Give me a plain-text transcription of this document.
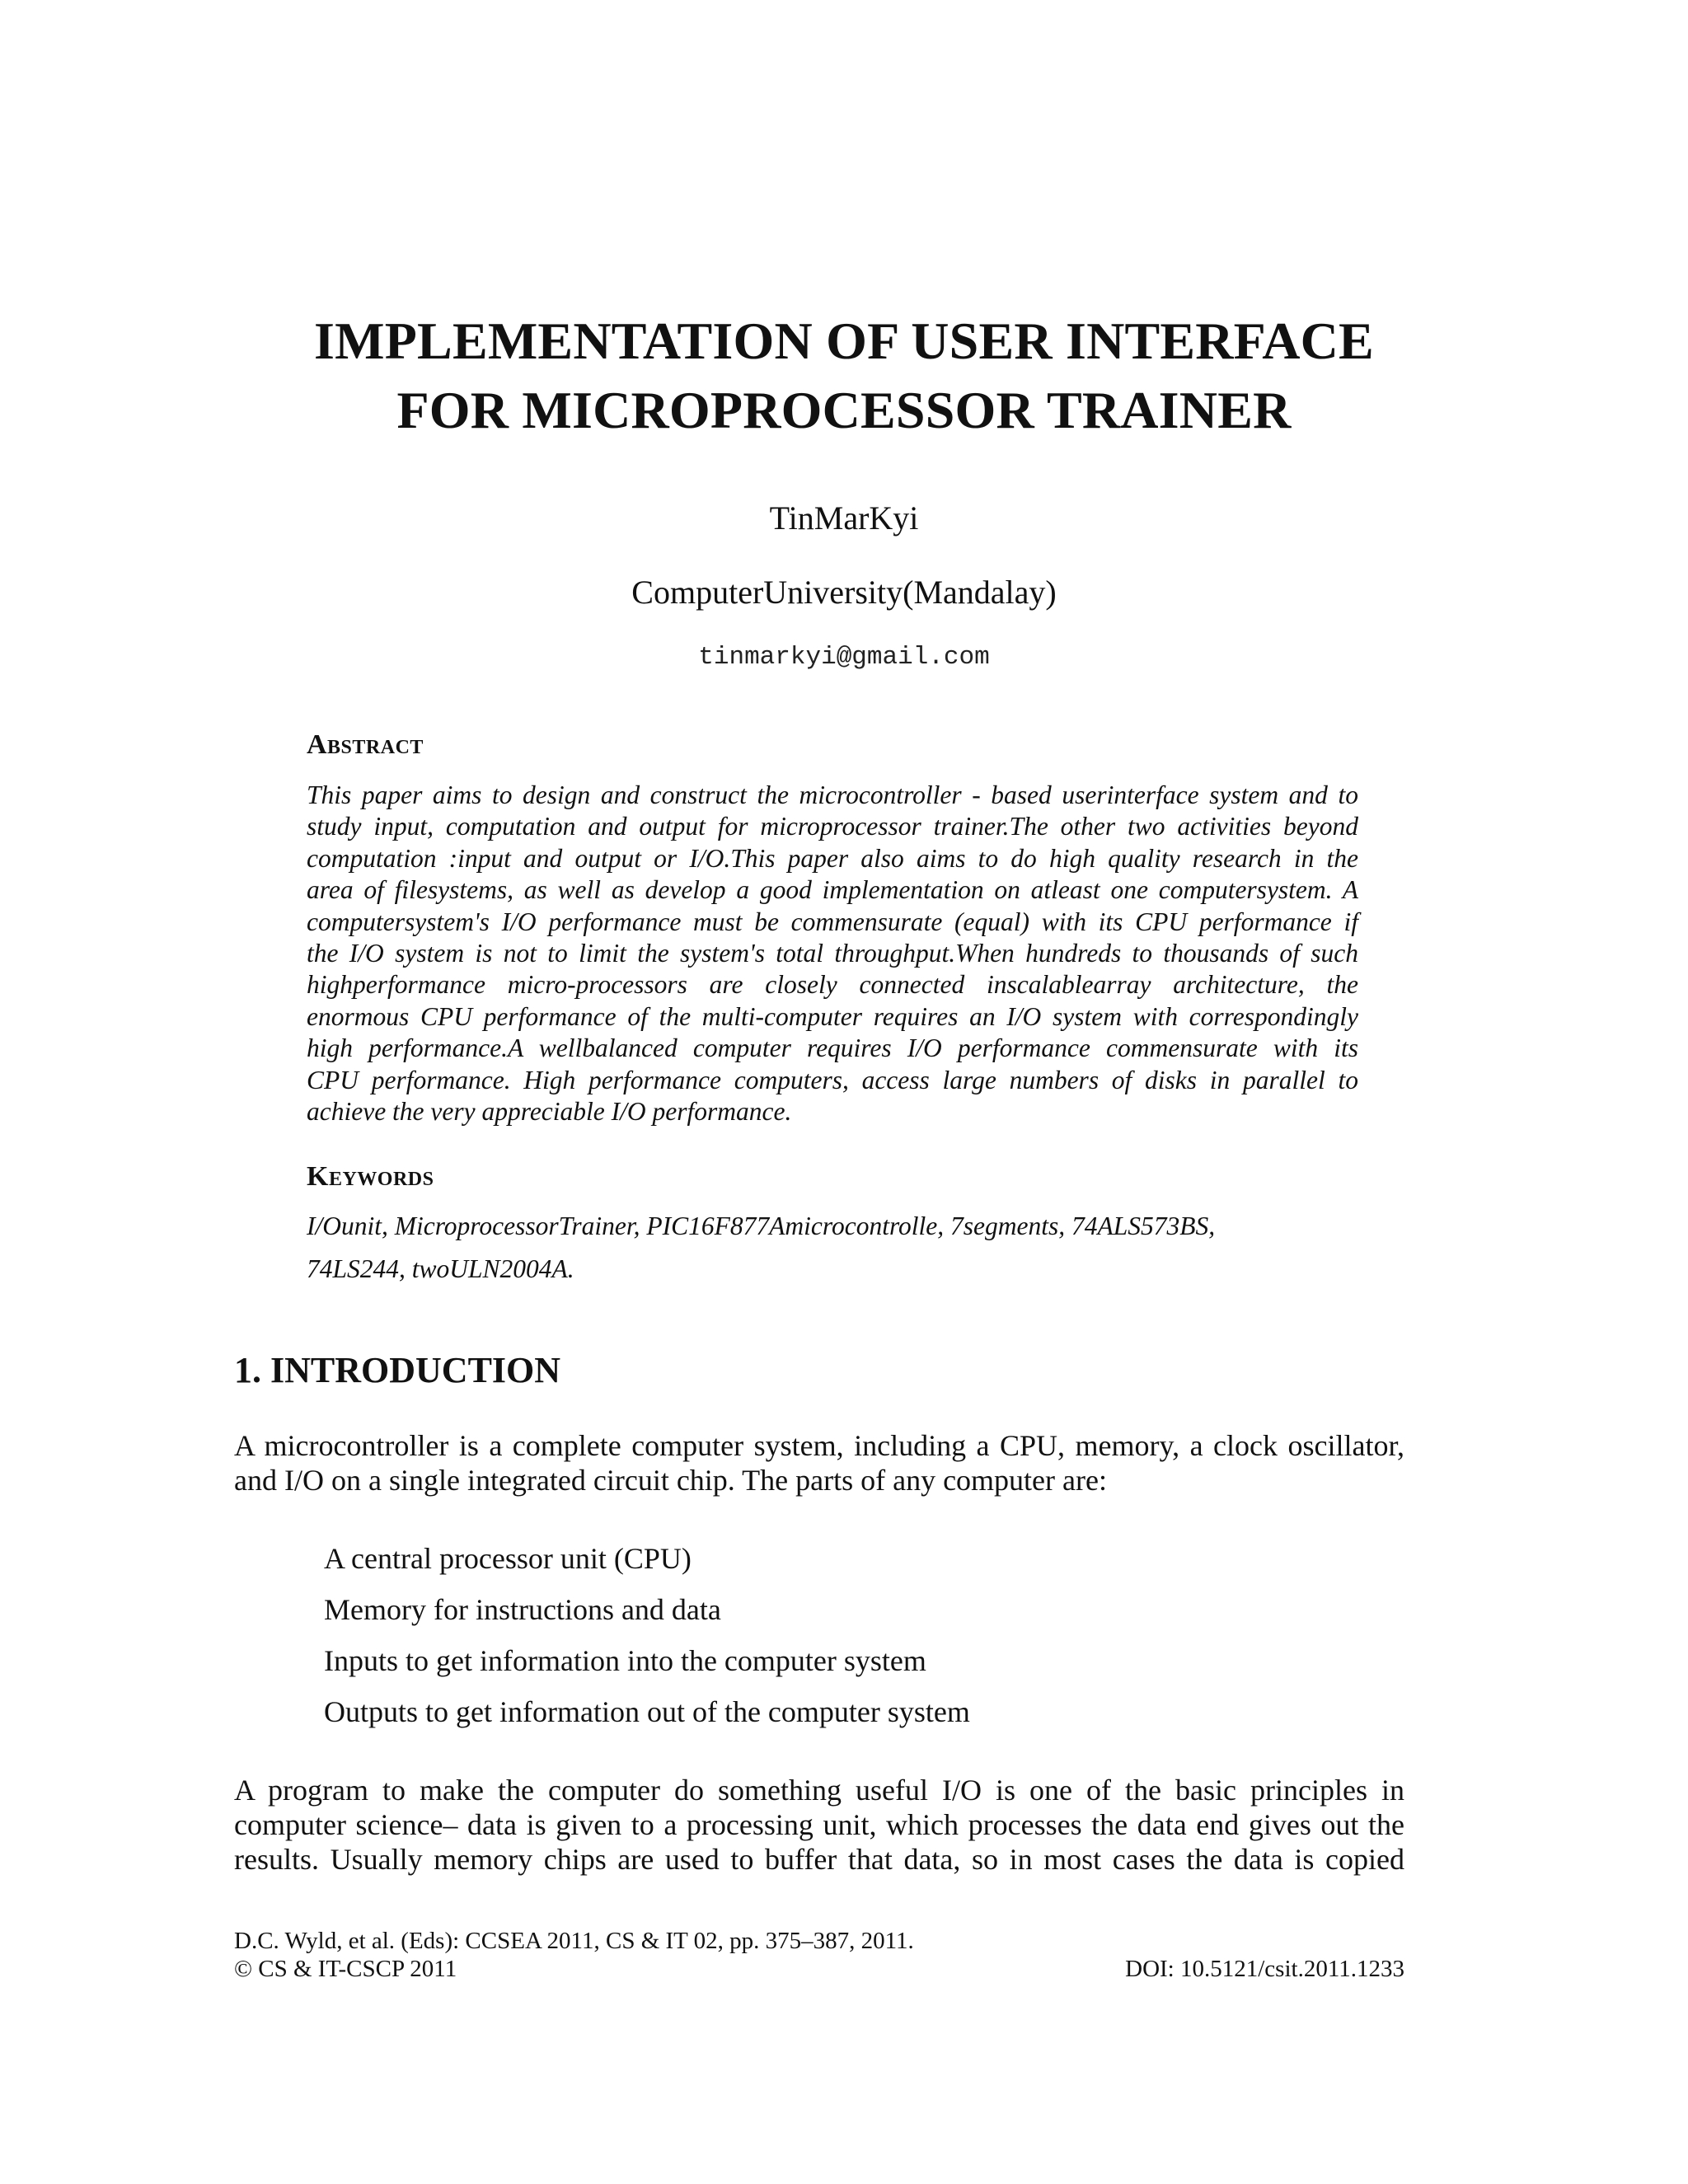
IMPLEMENTATION OF USER INTERFACE
FOR MICROPROCESSOR TRAINER
TinMarKyi
ComputerUniversity(Mandalay)
tinmarkyi@gmail.com
Abstract
This paper aims to design and construct the microcontroller - based userinterface system and to
study input, computation and output for microprocessor trainer.The other two activities beyond
computation :input and output or I/O.This paper also aims to do high quality research in the
area of filesystems, as well as develop a good implementation on atleast one computersystem. A
computersystem's I/O performance must be commensurate (equal) with its CPU performance if
the I/O system is not to limit the system's total throughput.When hundreds to thousands of such
highperformance micro-processors are closely connected inscalablearray architecture, the
enormous CPU performance of the multi-computer requires an I/O system with correspondingly
high performance.A wellbalanced computer requires I/O performance commensurate with its
CPU performance. High performance computers, access large numbers of disks in parallel to
achieve the very appreciable I/O performance.
Keywords
I/Ounit, MicroprocessorTrainer, PIC16F877Amicrocontrolle, 7segments, 74ALS573BS,
74LS244, twoULN2004A.
1. INTRODUCTION
A microcontroller is a complete computer system, including a CPU, memory, a clock oscillator,
and I/O on a single integrated circuit chip. The parts of any computer are:
A central processor unit (CPU)
Memory for instructions and data
Inputs to get information into the computer system
Outputs to get information out of the computer system
A program to make the computer do something useful I/O is one of the basic principles in
computer science– data is given to a processing unit, which processes the data end gives out the
results. Usually memory chips are used to buffer that data, so in most cases the data is copied
D.C. Wyld, et al. (Eds): CCSEA 2011, CS & IT 02, pp. 375–387, 2011.
© CS & IT-CSCP 2011	DOI: 10.5121/csit.2011.1233
